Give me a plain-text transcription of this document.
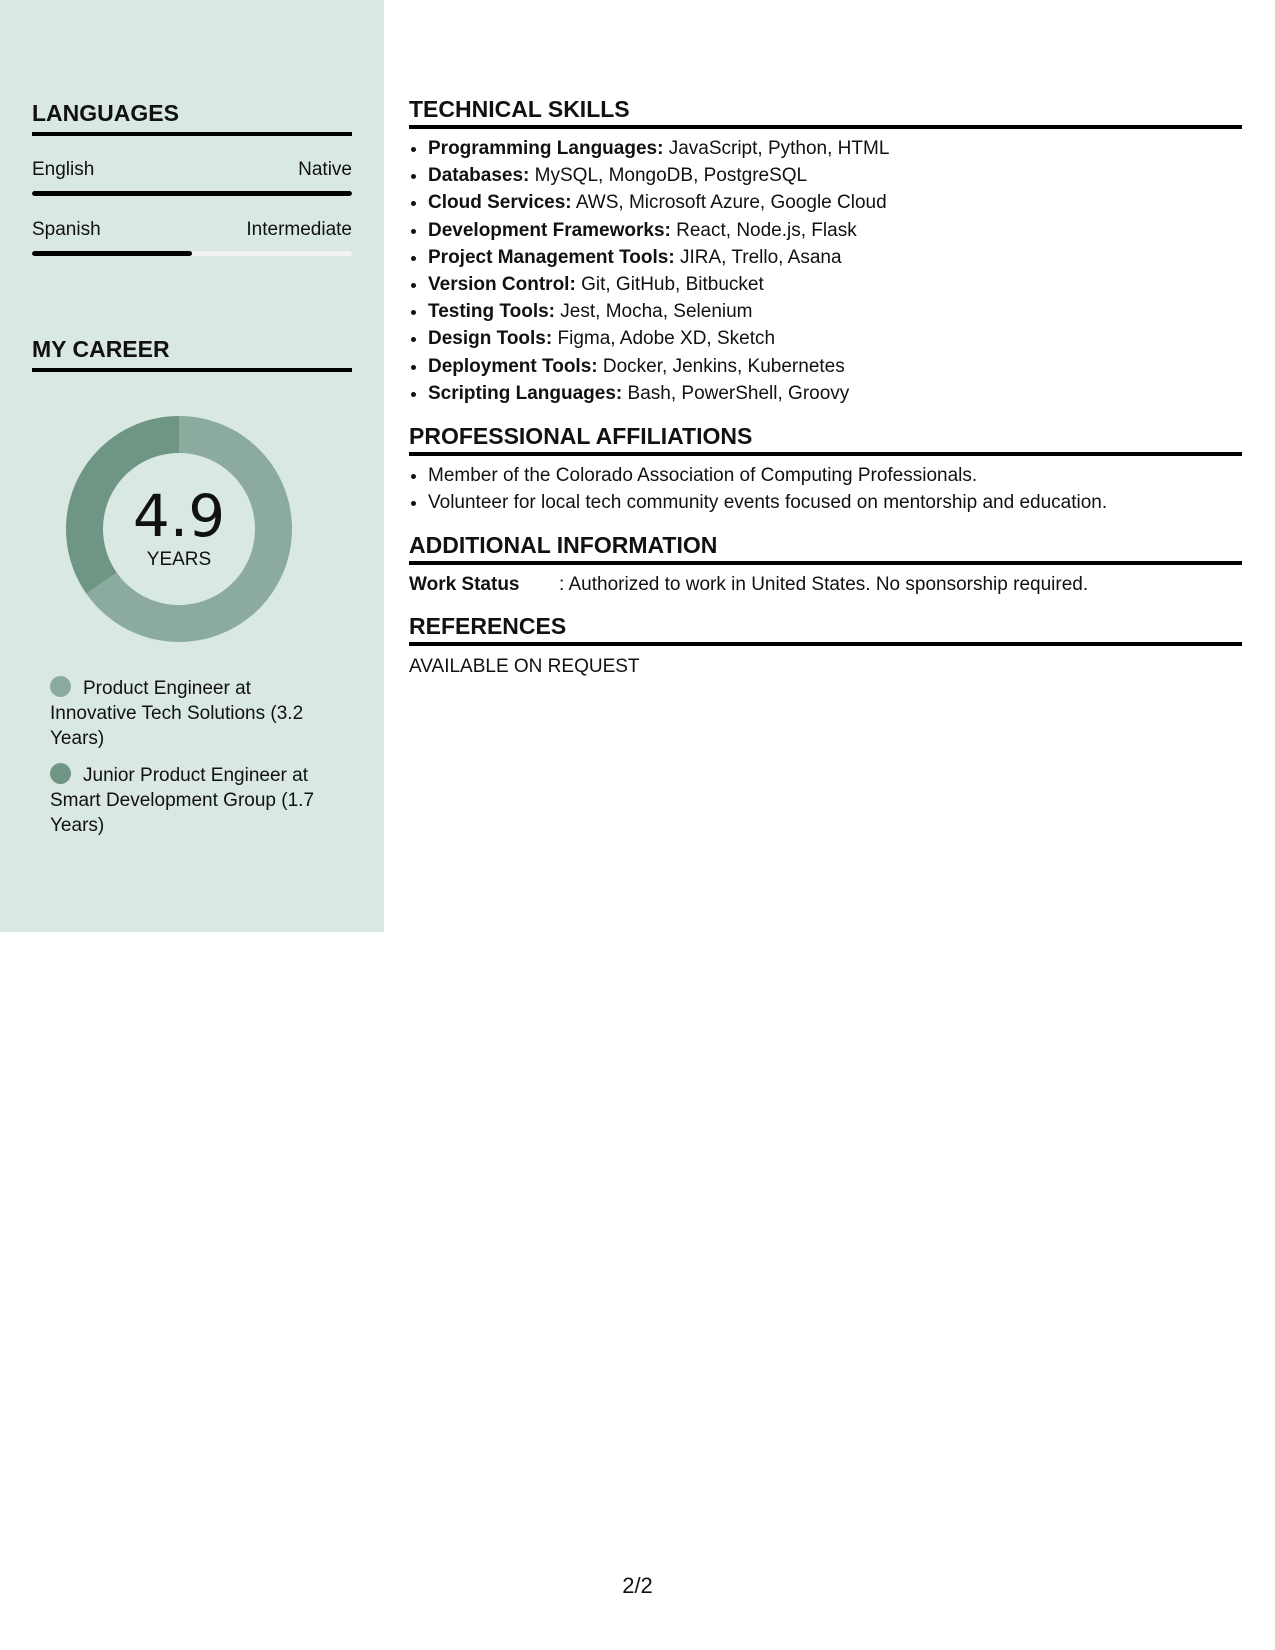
LANGUAGES
English	Native
Spanish	Intermediate
MY CAREER
4.9
YEARS
Product Engineer at Innovative Tech Solutions (3.2 Years)
Junior Product Engineer at Smart Development Group (1.7 Years)
TECHNICAL SKILLS
• Programming Languages: JavaScript, Python, HTML
• Databases: MySQL, MongoDB, PostgreSQL
• Cloud Services: AWS, Microsoft Azure, Google Cloud
• Development Frameworks: React, Node.js, Flask
• Project Management Tools: JIRA, Trello, Asana
• Version Control: Git, GitHub, Bitbucket
• Testing Tools: Jest, Mocha, Selenium
• Design Tools: Figma, Adobe XD, Sketch
• Deployment Tools: Docker, Jenkins, Kubernetes
• Scripting Languages: Bash, PowerShell, Groovy
PROFESSIONAL AFFILIATIONS
• Member of the Colorado Association of Computing Professionals.
• Volunteer for local tech community events focused on mentorship and education.
ADDITIONAL INFORMATION
Work Status	: Authorized to work in United States. No sponsorship required.
REFERENCES
AVAILABLE ON REQUEST
2/2
